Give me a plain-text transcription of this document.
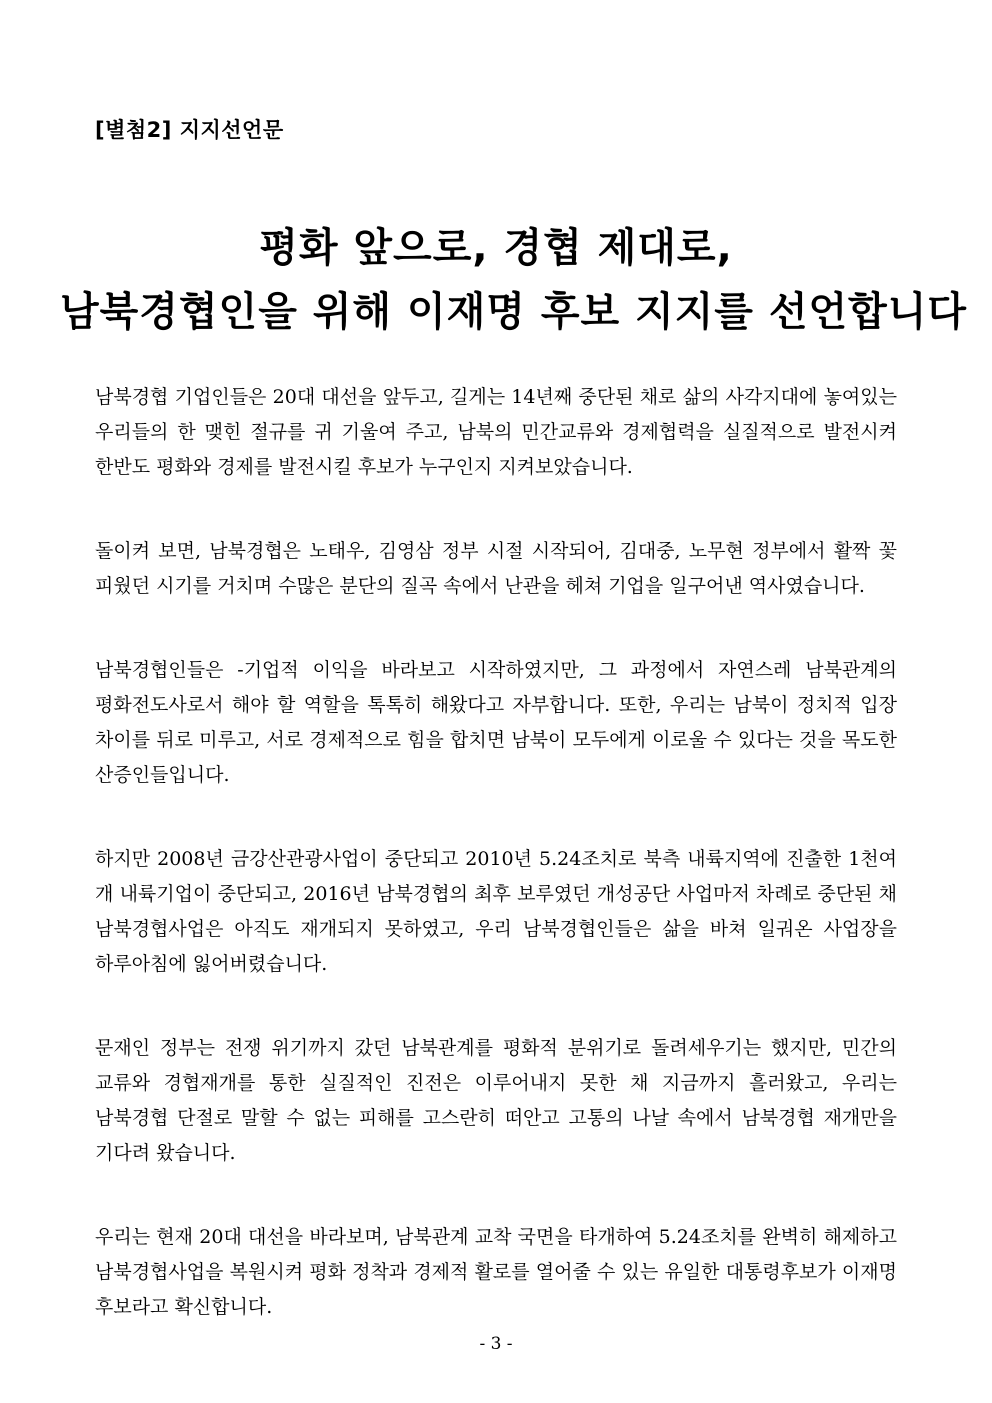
[별첨2] 지지선언문
평화 앞으로, 경협 제대로,
남북경협인을 위해 이재명 후보 지지를 선언합니다

남북경협 기업인들은 20대 대선을 앞두고, 길게는 14년째 중단된 채로 삶의 사각지대에 놓여있는 우리들의 한 맺힌 절규를 귀 기울여 주고, 남북의 민간교류와 경제협력을 실질적으로 발전시켜 한반도 평화와 경제를 발전시킬 후보가 누구인지 지켜보았습니다.

돌이켜 보면, 남북경협은 노태우, 김영삼 정부 시절 시작되어, 김대중, 노무현 정부에서 활짝 꽃 피웠던 시기를 거치며 수많은 분단의 질곡 속에서 난관을 헤쳐 기업을 일구어낸 역사였습니다.

남북경협인들은 -기업적 이익을 바라보고 시작하였지만, 그 과정에서 자연스레 남북관계의 평화전도사로서 해야 할 역할을 톡톡히 해왔다고 자부합니다. 또한, 우리는 남북이 정치적 입장 차이를 뒤로 미루고, 서로 경제적으로 힘을 합치면 남북이 모두에게 이로울 수 있다는 것을 목도한 산증인들입니다.

하지만 2008년 금강산관광사업이 중단되고 2010년 5.24조치로 북측 내륙지역에 진출한 1천여 개 내륙기업이 중단되고, 2016년 남북경협의 최후 보루였던 개성공단 사업마저 차례로 중단된 채 남북경협사업은 아직도 재개되지 못하였고, 우리 남북경협인들은 삶을 바쳐 일궈온 사업장을 하루아침에 잃어버렸습니다.

문재인 정부는 전쟁 위기까지 갔던 남북관계를 평화적 분위기로 돌려세우기는 했지만, 민간의 교류와 경협재개를 통한 실질적인 진전은 이루어내지 못한 채 지금까지 흘러왔고, 우리는 남북경협 단절로 말할 수 없는 피해를 고스란히 떠안고 고통의 나날 속에서 남북경협 재개만을 기다려 왔습니다.

우리는 현재 20대 대선을 바라보며, 남북관계 교착 국면을 타개하여 5.24조치를 완벽히 해제하고 남북경협사업을 복원시켜 평화 정착과 경제적 활로를 열어줄 수 있는 유일한 대통령후보가 이재명 후보라고 확신합니다.

- 3 -
